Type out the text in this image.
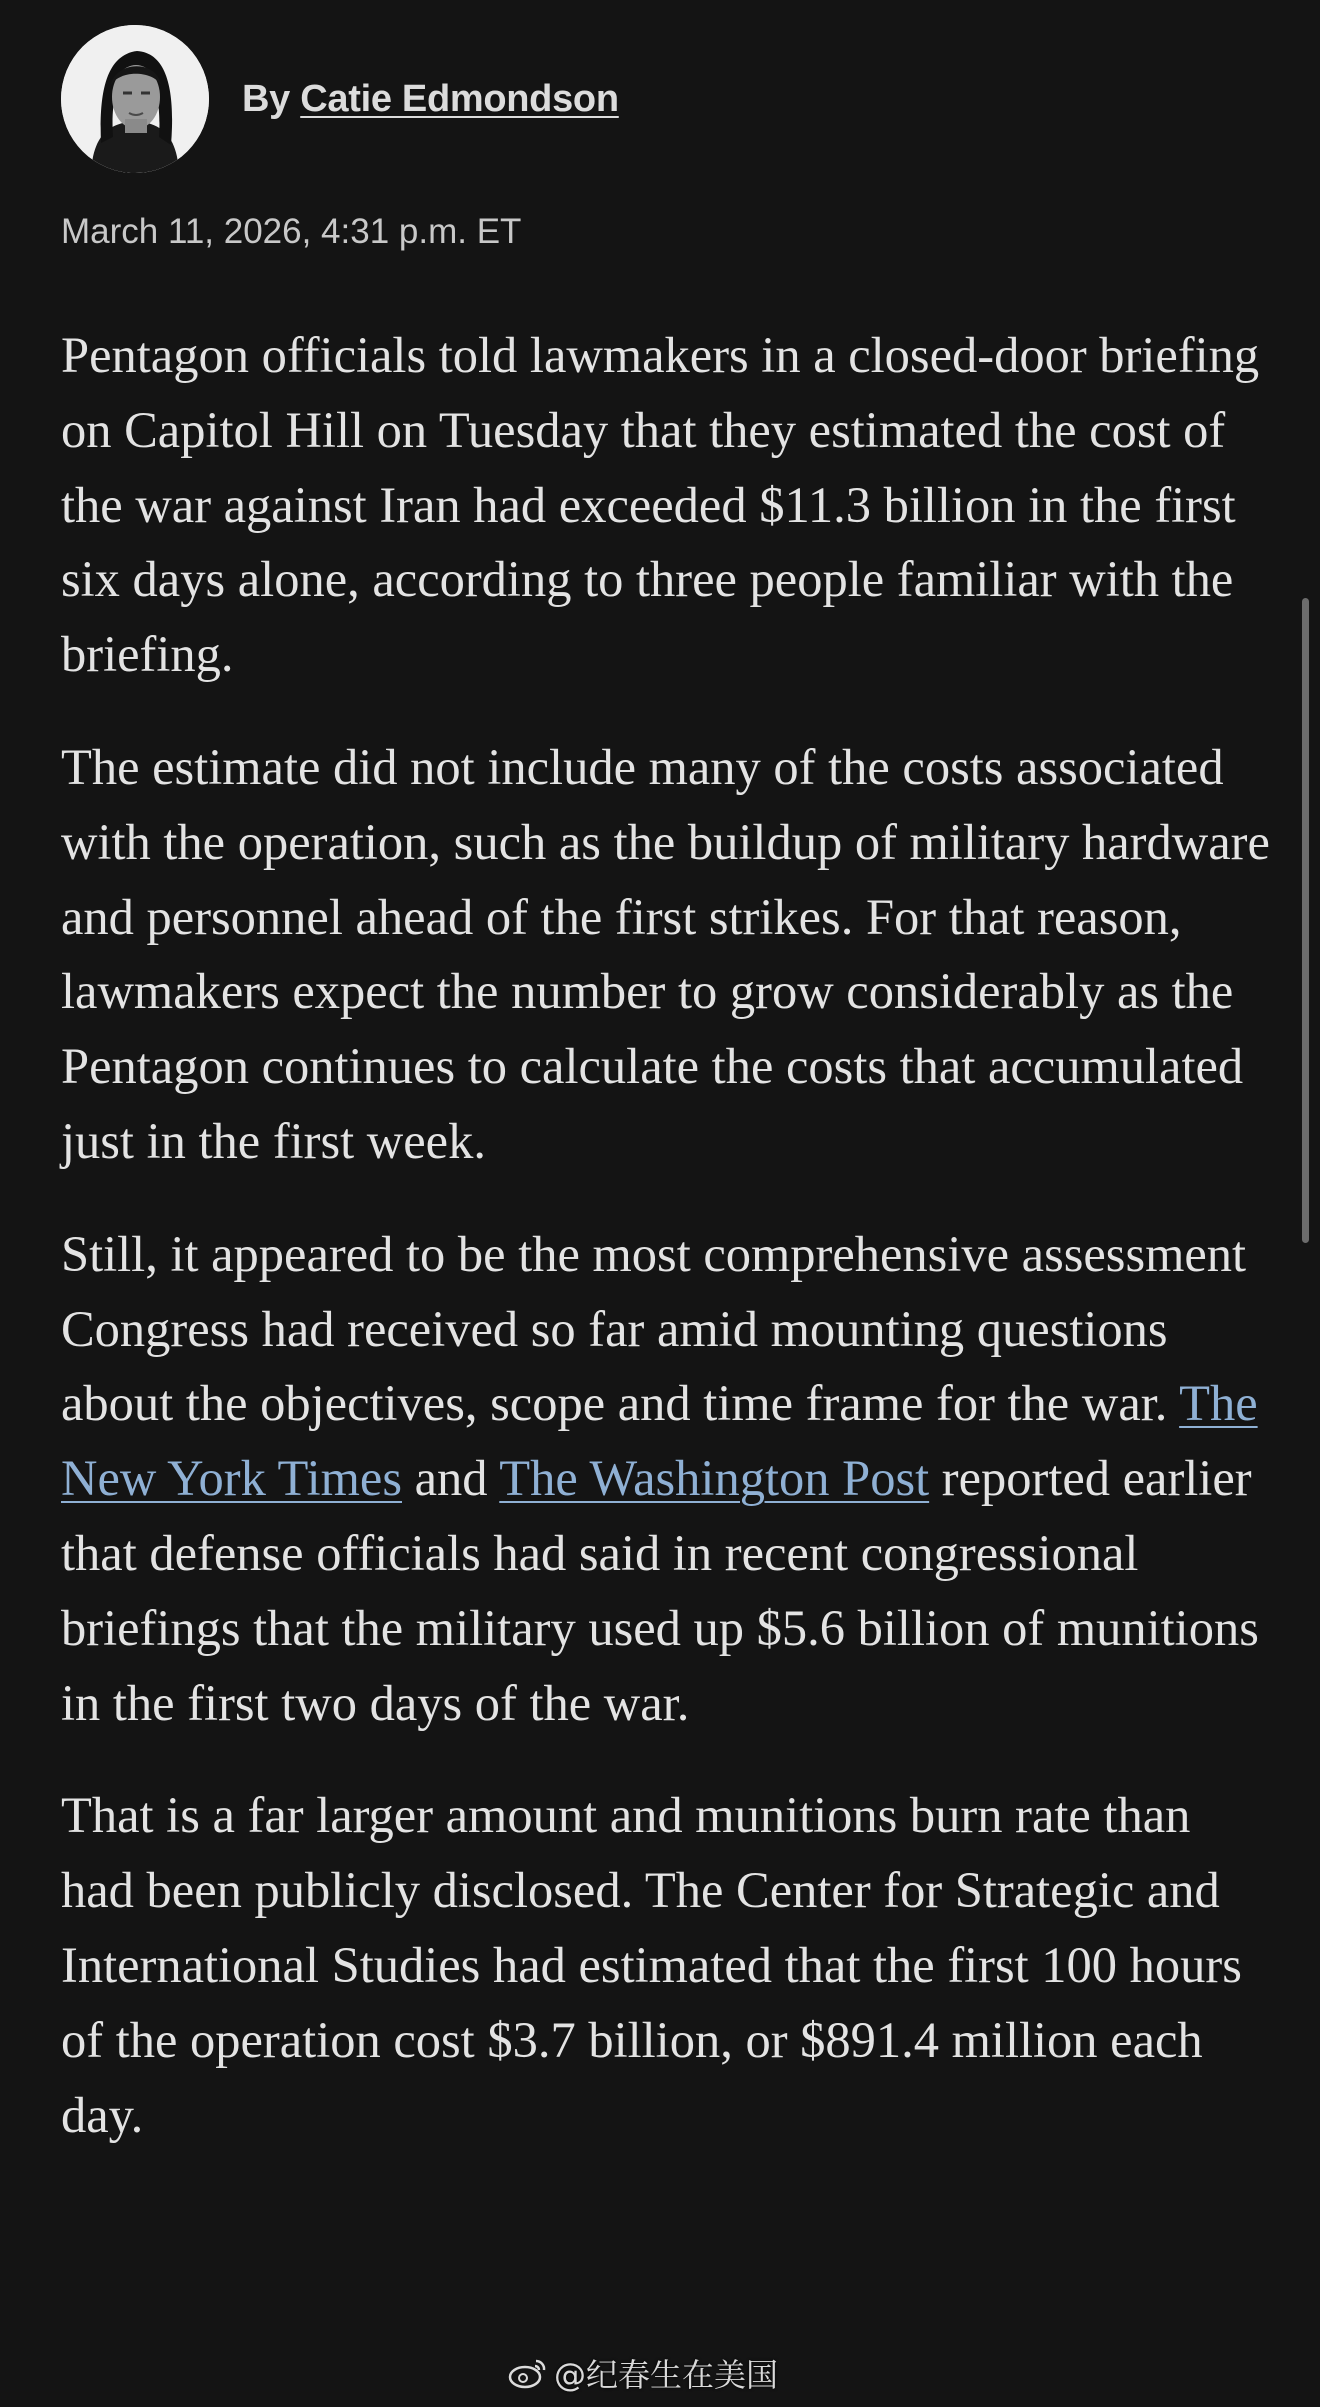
By Catie Edmondson
March 11, 2026, 4:31 p.m. ET

Pentagon officials told lawmakers in a closed-door briefing on Capitol Hill on Tuesday that they estimated the cost of the war against Iran had exceeded $11.3 billion in the first six days alone, according to three people familiar with the briefing.

The estimate did not include many of the costs associated with the operation, such as the buildup of military hardware and personnel ahead of the first strikes. For that reason, lawmakers expect the number to grow considerably as the Pentagon continues to calculate the costs that accumulated just in the first week.

Still, it appeared to be the most comprehensive assessment Congress had received so far amid mounting questions about the objectives, scope and time frame for the war. The New York Times and The Washington Post reported earlier that defense officials had said in recent congressional briefings that the military used up $5.6 billion of munitions in the first two days of the war.

That is a far larger amount and munitions burn rate than had been publicly disclosed. The Center for Strategic and International Studies had estimated that the first 100 hours of the operation cost $3.7 billion, or $891.4 million each day.

@纪春生在美国
